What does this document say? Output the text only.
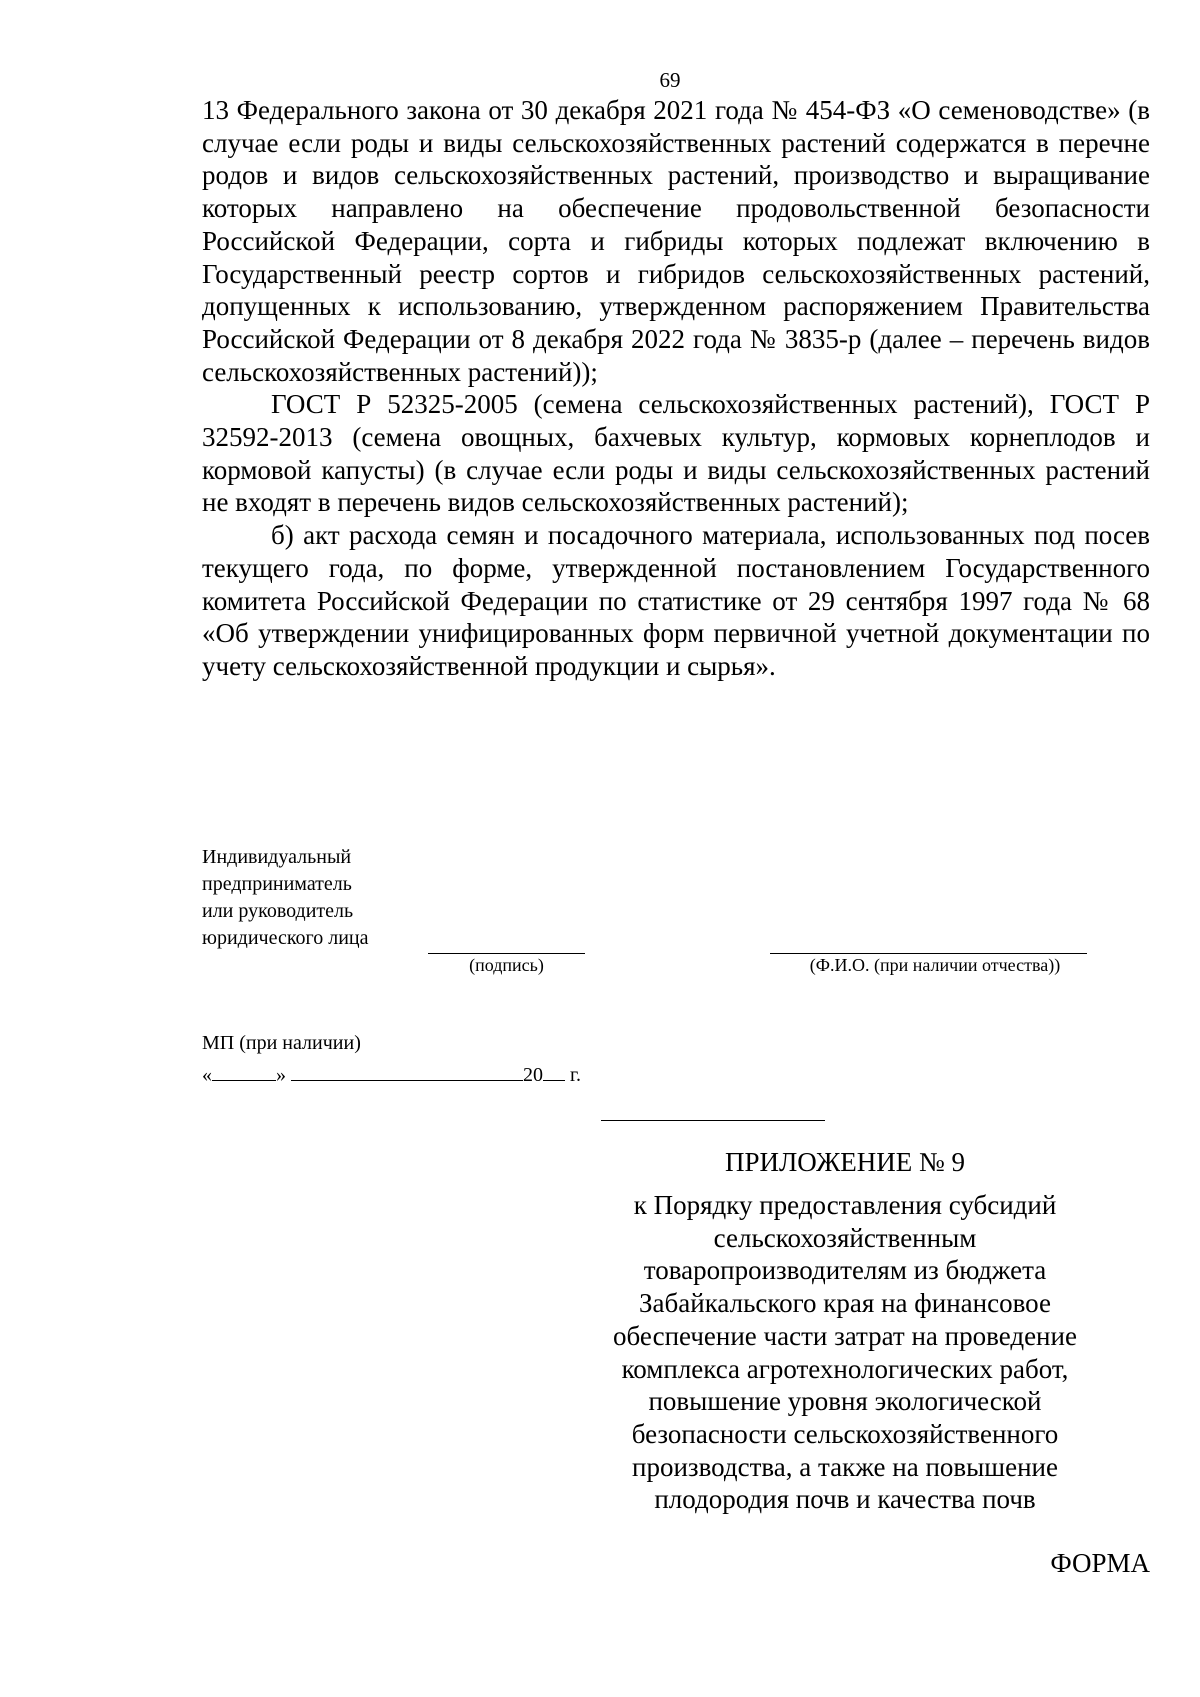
69

13 Федерального закона от 30 декабря 2021 года № 454-ФЗ «О семеноводстве» (в случае если роды и виды сельскохозяйственных растений содержатся в перечне родов и видов сельскохозяйственных растений, производство и выращивание которых направлено на обеспечение продовольственной безопасности Российской Федерации, сорта и гибриды которых подлежат включению в Государственный реестр сортов и гибридов сельскохозяйственных растений, допущенных к использованию, утвержденном распоряжением Правительства Российской Федерации от 8 декабря 2022 года № 3835-р (далее – перечень видов сельскохозяйственных растений));

ГОСТ Р 52325-2005 (семена сельскохозяйственных растений), ГОСТ Р 32592-2013 (семена овощных, бахчевых культур, кормовых корнеплодов и кормовой капусты) (в случае если роды и виды сельскохозяйственных растений не входят в перечень видов сельскохозяйственных растений);

б) акт расхода семян и посадочного материала, использованных под посев текущего года, по форме, утвержденной постановлением Государственного комитета Российской Федерации по статистике от 29 сентября 1997 года № 68 «Об утверждении унифицированных форм первичной учетной документации по учету сельскохозяйственной продукции и сырья».

Индивидуальный
предприниматель
или руководитель
юридического лица
(подпись)	(Ф.И.О. (при наличии отчества))
МП (при наличии)
«	»	20 г.
ПРИЛОЖЕНИЕ № 9
к Порядку предоставления субсидий
сельскохозяйственным
товаропроизводителям из бюджета
Забайкальского края на финансовое
обеспечение части затрат на проведение
комплекса агротехнологических работ,
повышение уровня экологической
безопасности сельскохозяйственного
производства, а также на повышение
плодородия почв и качества почв
ФОРМА
